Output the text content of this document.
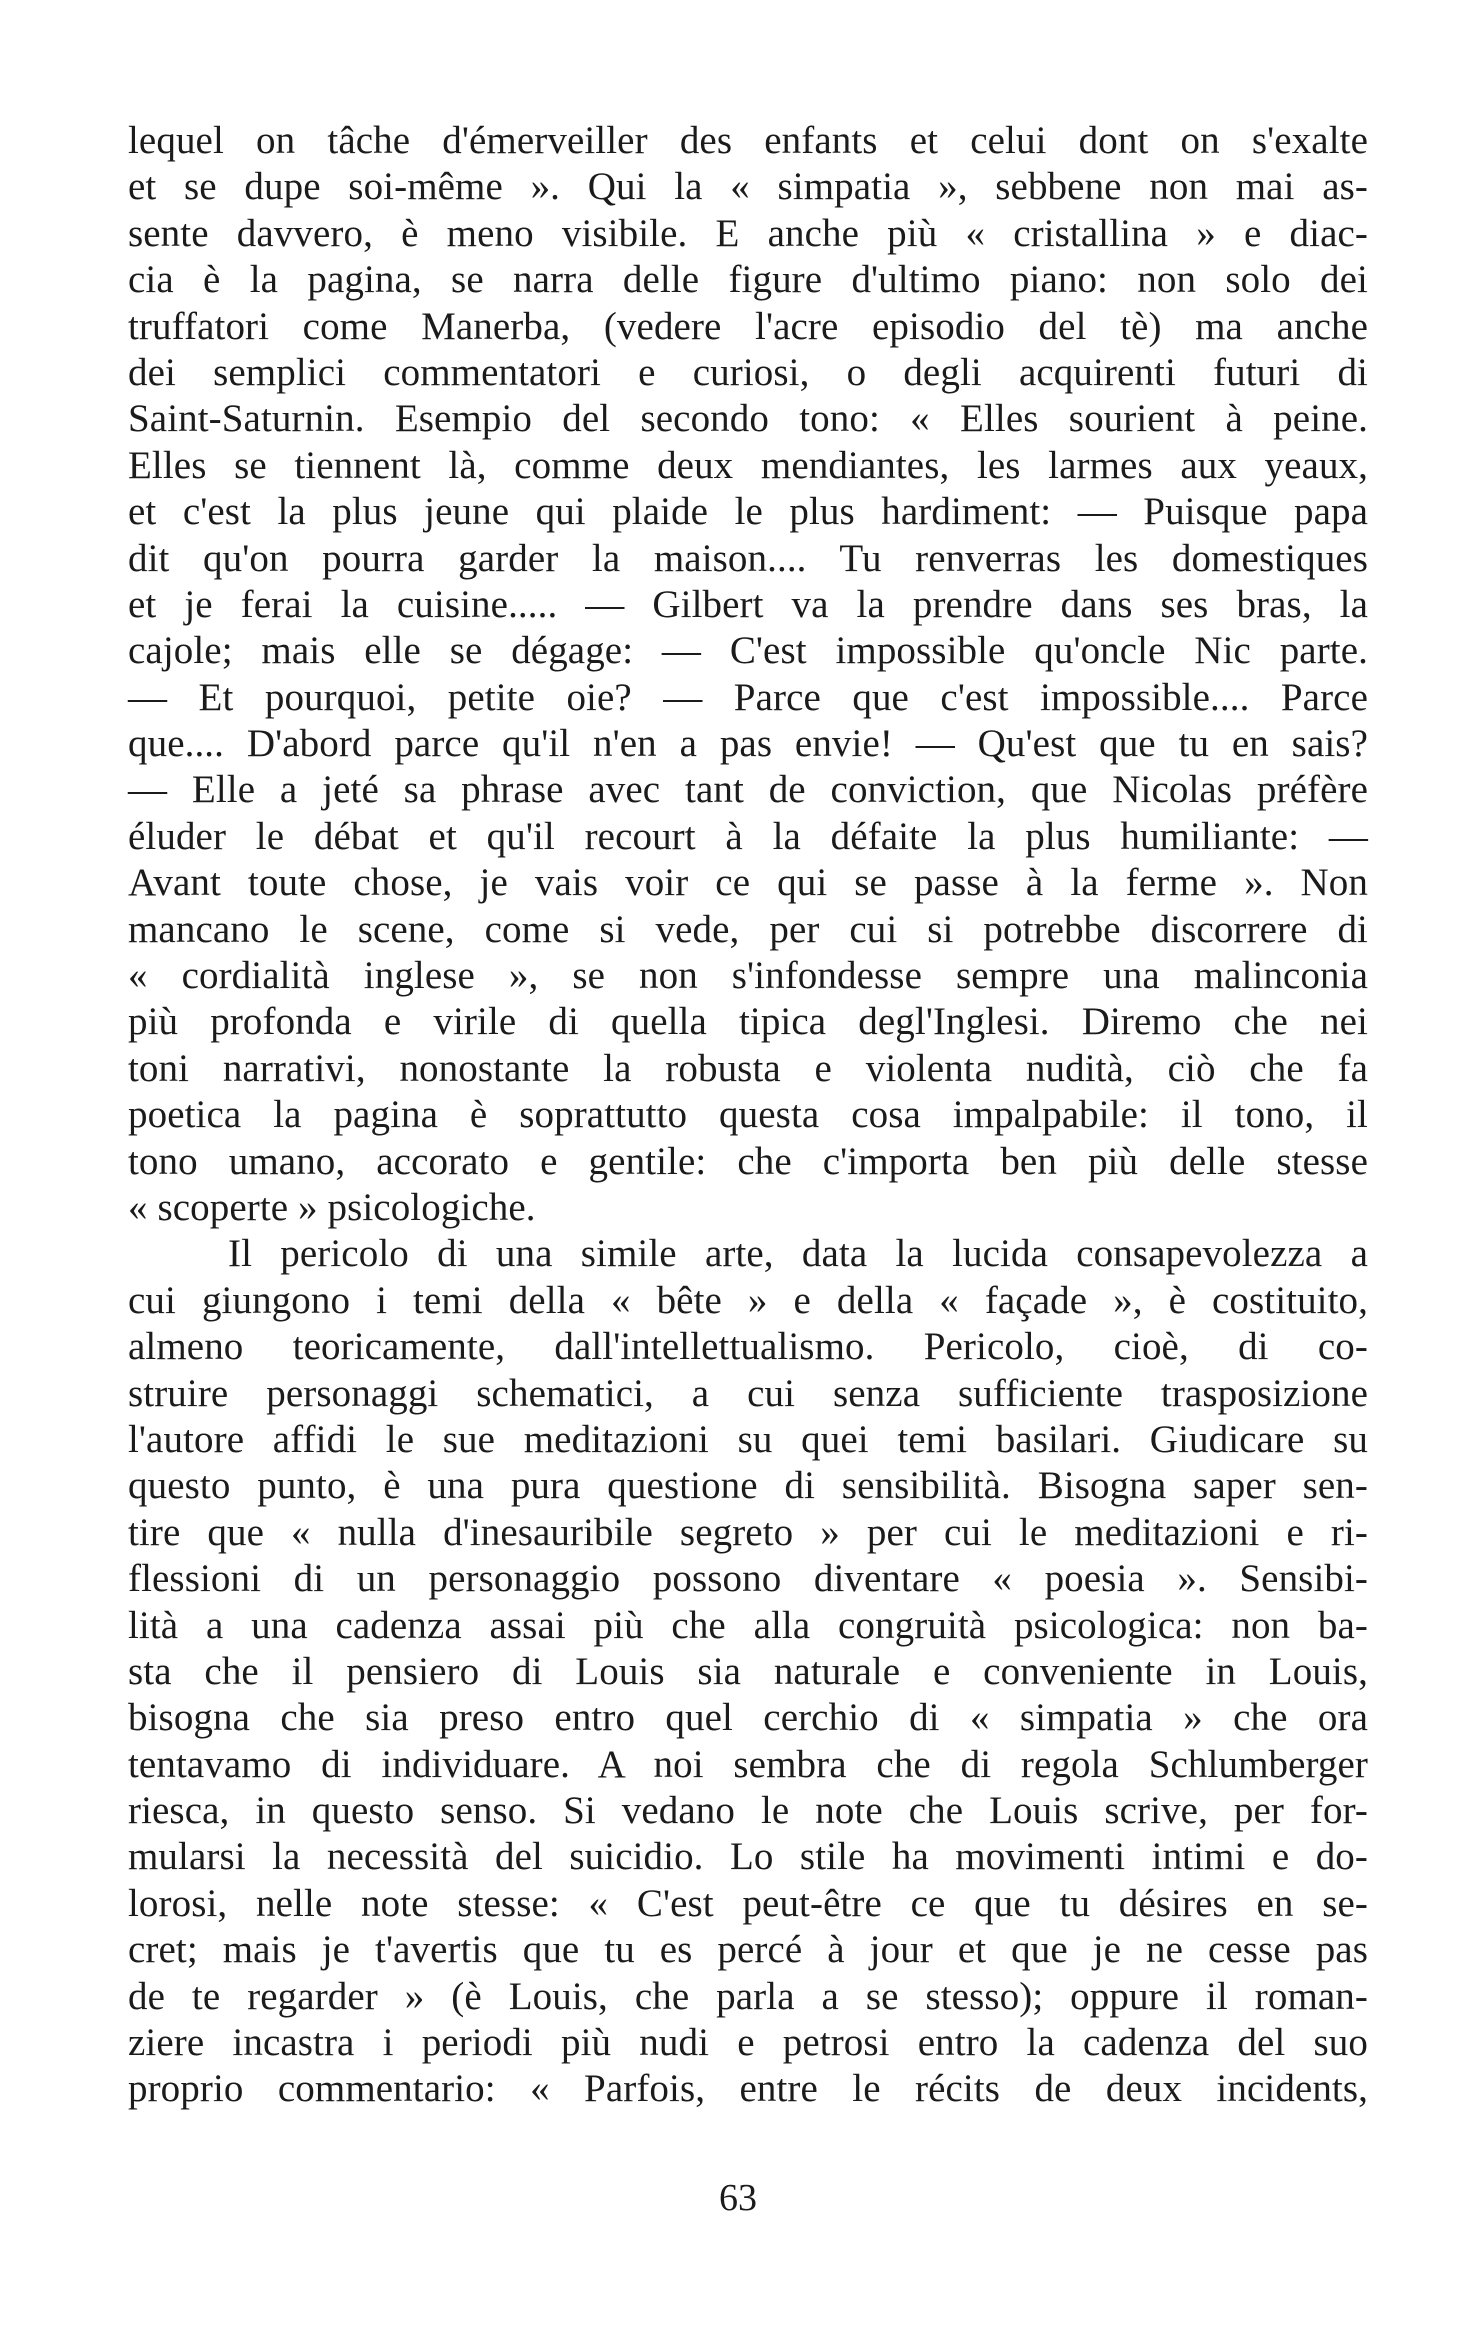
lequel on tâche d'émerveiller des enfants et celui dont on s'exalte
et se dupe soi-même ». Qui la « simpatia », sebbene non mai as-
sente davvero, è meno visibile. E anche più « cristallina » e diac-
cia è la pagina, se narra delle figure d'ultimo piano: non solo dei
truffatori come Manerba, (vedere l'acre episodio del tè) ma anche
dei semplici commentatori e curiosi, o degli acquirenti futuri di
Saint-Saturnin. Esempio del secondo tono: « Elles sourient à peine.
Elles se tiennent là, comme deux mendiantes, les larmes aux yeaux,
et c'est la plus jeune qui plaide le plus hardiment: — Puisque papa
dit qu'on pourra garder la maison.... Tu renverras les domestiques
et je ferai la cuisine..... — Gilbert va la prendre dans ses bras, la
cajole; mais elle se dégage: — C'est impossible qu'oncle Nic parte.
— Et pourquoi, petite oie? — Parce que c'est impossible.... Parce
que.... D'abord parce qu'il n'en a pas envie! — Qu'est que tu en sais?
— Elle a jeté sa phrase avec tant de conviction, que Nicolas préfère
éluder le débat et qu'il recourt à la défaite la plus humiliante: —
Avant toute chose, je vais voir ce qui se passe à la ferme ». Non
mancano le scene, come si vede, per cui si potrebbe discorrere di
« cordialità inglese », se non s'infondesse sempre una malinconia
più profonda e virile di quella tipica degl'Inglesi. Diremo che nei
toni narrativi, nonostante la robusta e violenta nudità, ciò che fa
poetica la pagina è soprattutto questa cosa impalpabile: il tono, il
tono umano, accorato e gentile: che c'importa ben più delle stesse
« scoperte » psicologiche.
Il pericolo di una simile arte, data la lucida consapevolezza a
cui giungono i temi della « bête » e della « façade », è costituito,
almeno teoricamente, dall'intellettualismo. Pericolo, cioè, di co-
struire personaggi schematici, a cui senza sufficiente trasposizione
l'autore affidi le sue meditazioni su quei temi basilari. Giudicare su
questo punto, è una pura questione di sensibilità. Bisogna saper sen-
tire que « nulla d'inesauribile segreto » per cui le meditazioni e ri-
flessioni di un personaggio possono diventare « poesia ». Sensibi-
lità a una cadenza assai più che alla congruità psicologica: non ba-
sta che il pensiero di Louis sia naturale e conveniente in Louis,
bisogna che sia preso entro quel cerchio di « simpatia » che ora
tentavamo di individuare. A noi sembra che di regola Schlumberger
riesca, in questo senso. Si vedano le note che Louis scrive, per for-
mularsi la necessità del suicidio. Lo stile ha movimenti intimi e do-
lorosi, nelle note stesse: « C'est peut-être ce que tu désires en se-
cret; mais je t'avertis que tu es percé à jour et que je ne cesse pas
de te regarder » (è Louis, che parla a se stesso); oppure il roman-
ziere incastra i periodi più nudi e petrosi entro la cadenza del suo
proprio commentario: « Parfois, entre le récits de deux incidents,
63
